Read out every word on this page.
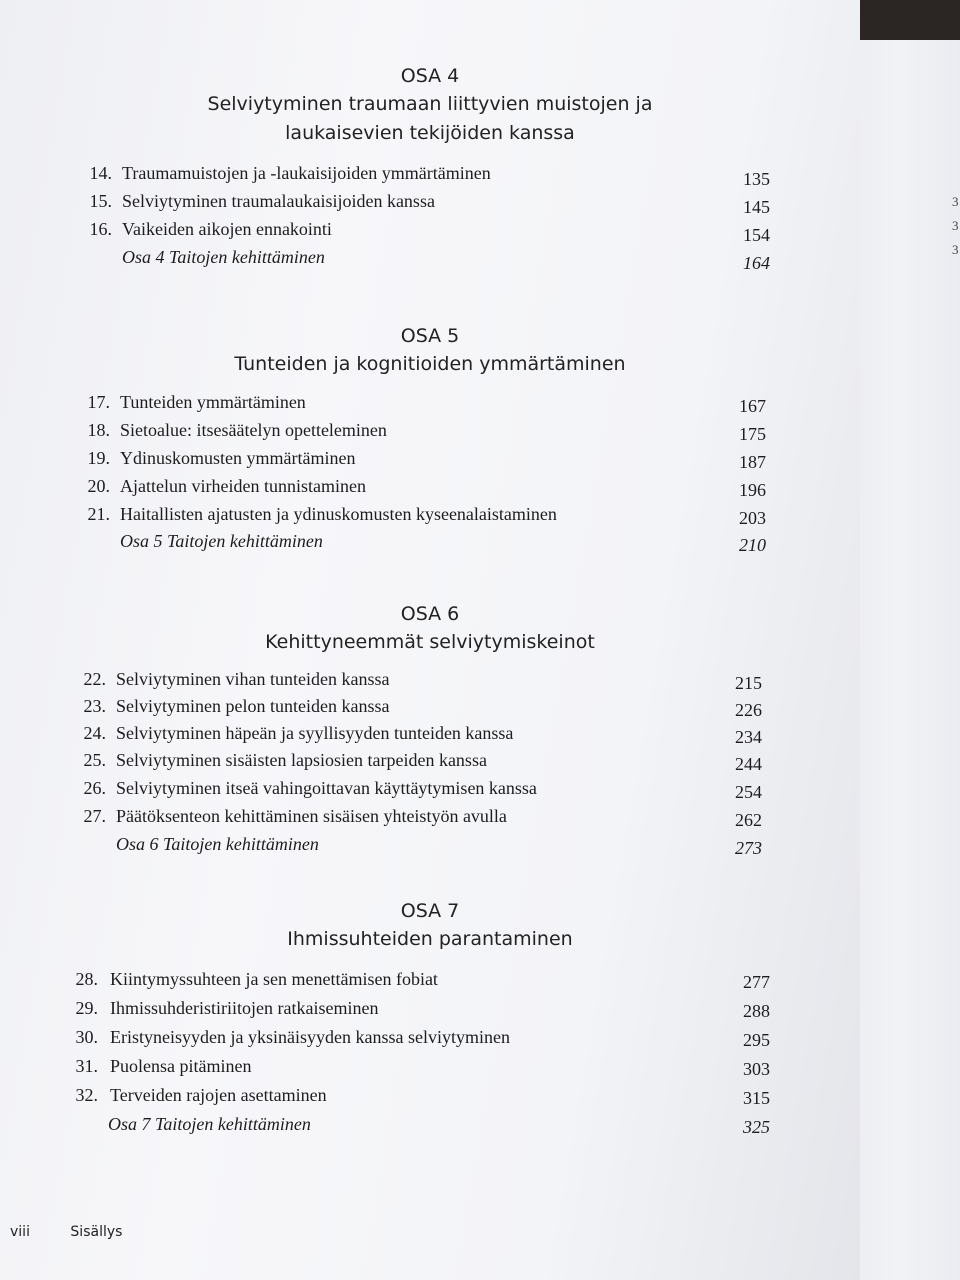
3
3
3
OSA 4
Selviytyminen traumaan liittyvien muistojen ja
laukaisevien tekijöiden kanssa
14. Traumamuistojen ja -laukaisijoiden ymmärtäminen	135
15. Selviytyminen traumalaukaisijoiden kanssa	145
16. Vaikeiden aikojen ennakointi	154
Osa 4 Taitojen kehittäminen	164
OSA 5
Tunteiden ja kognitioiden ymmärtäminen
17. Tunteiden ymmärtäminen	167
18. Sietoalue: itsesäätelyn opetteleminen	175
19. Ydinuskomusten ymmärtäminen	187
20. Ajattelun virheiden tunnistaminen	196
21. Haitallisten ajatusten ja ydinuskomusten kyseenalaistaminen	203
Osa 5 Taitojen kehittäminen	210
OSA 6
Kehittyneemmät selviytymiskeinot
22. Selviytyminen vihan tunteiden kanssa	215
23. Selviytyminen pelon tunteiden kanssa	226
24. Selviytyminen häpeän ja syyllisyyden tunteiden kanssa	234
25. Selviytyminen sisäisten lapsiosien tarpeiden kanssa	244
26. Selviytyminen itseä vahingoittavan käyttäytymisen kanssa	254
27. Päätöksenteon kehittäminen sisäisen yhteistyön avulla	262
Osa 6 Taitojen kehittäminen	273
OSA 7
Ihmissuhteiden parantaminen
28. Kiintymyssuhteen ja sen menettämisen fobiat	277
29. Ihmissuhderistiriitojen ratkaiseminen	288
30. Eristyneisyyden ja yksinäisyyden kanssa selviytyminen	295
31. Puolensa pitäminen	303
32. Terveiden rajojen asettaminen	315
Osa 7 Taitojen kehittäminen	325
viii	Sisällys
